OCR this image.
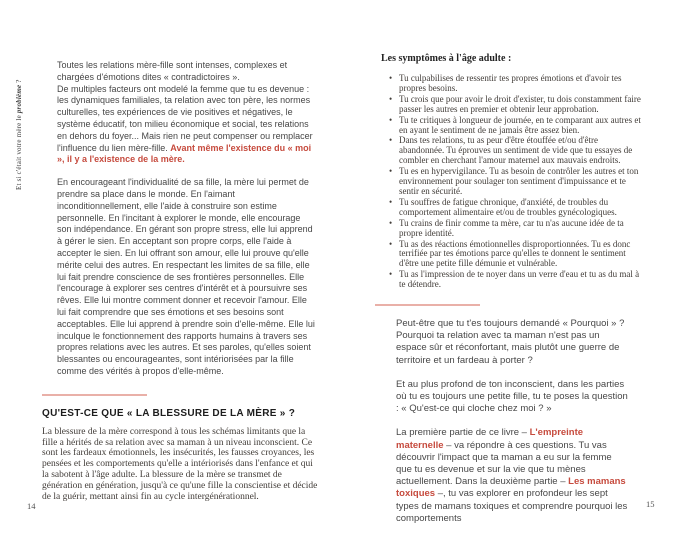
Et si c'était votre mère le problème ?

Toutes les relations mère-fille sont intenses, complexes et chargées d'émotions dites « contradictoires ».
De multiples facteurs ont modelé la femme que tu es devenue : les dynamiques familiales, ta relation avec ton père, les normes culturelles, tes expériences de vie positives et négatives, le système éducatif, ton milieu économique et social, tes relations en dehors du foyer... Mais rien ne peut compenser ou remplacer l'influence du lien mère-fille. Avant même l'existence du « moi », il y a l'existence de la mère.

En encourageant l'individualité de sa fille, la mère lui permet de prendre sa place dans le monde. En l'aimant inconditionnellement, elle l'aide à construire son estime personnelle. En l'incitant à explorer le monde, elle encourage son indépendance. En gérant son propre stress, elle lui apprend à gérer le sien. En acceptant son propre corps, elle l'aide à accepter le sien. En lui offrant son amour, elle lui prouve qu'elle mérite celui des autres. En respectant les limites de sa fille, elle lui fait prendre conscience de ses frontières personnelles. Elle l'encourage à explorer ses centres d'intérêt et à poursuivre ses rêves. Elle lui montre comment donner et recevoir l'amour. Elle lui fait comprendre que ses émotions et ses besoins sont acceptables. Elle lui apprend à prendre soin d'elle-même. Elle lui inculque le fonctionnement des rapports humains à travers ses propres relations avec les autres. Et ses paroles, qu'elles soient blessantes ou encourageantes, sont intériorisées par la fille comme des vérités à propos d'elle-même.

QU'EST-CE QUE « LA BLESSURE DE LA MÈRE » ?

La blessure de la mère correspond à tous les schémas limitants que la fille a hérités de sa relation avec sa maman à un niveau inconscient. Ce sont les fardeaux émotionnels, les insécurités, les fausses croyances, les pensées et les comportements qu'elle a intériorisés dans l'enfance et qui la sabotent à l'âge adulte. La blessure de la mère se transmet de génération en génération, jusqu'à ce qu'une fille la conscientise et décide de la guérir, mettant ainsi fin au cycle intergénérationnel.

Les symptômes à l'âge adulte :
• Tu culpabilises de ressentir tes propres émotions et d'avoir tes propres besoins.
• Tu crois que pour avoir le droit d'exister, tu dois constamment faire passer les autres en premier et obtenir leur approbation.
• Tu te critiques à longueur de journée, en te comparant aux autres et en ayant le sentiment de ne jamais être assez bien.
• Dans tes relations, tu as peur d'être étouffée et/ou d'être abandonnée. Tu éprouves un sentiment de vide que tu essayes de combler en cherchant l'amour maternel aux mauvais endroits.
• Tu es en hypervigilance. Tu as besoin de contrôler les autres et ton environnement pour soulager ton sentiment d'impuissance et te sentir en sécurité.
• Tu souffres de fatigue chronique, d'anxiété, de troubles du comportement alimentaire et/ou de troubles gynécologiques.
• Tu crains de finir comme ta mère, car tu n'as aucune idée de ta propre identité.
• Tu as des réactions émotionnelles disproportionnées. Tu es donc terrifiée par tes émotions parce qu'elles te donnent le sentiment d'être une petite fille démunie et vulnérable.
• Tu as l'impression de te noyer dans un verre d'eau et tu as du mal à te détendre.

Peut-être que tu t'es toujours demandé « Pourquoi » ? Pourquoi ta relation avec ta maman n'est pas un espace sûr et réconfortant, mais plutôt une guerre de territoire et un fardeau à porter ?

Et au plus profond de ton inconscient, dans les parties où tu es toujours une petite fille, tu te poses la question : « Qu'est-ce qui cloche chez moi ? »

La première partie de ce livre – L'empreinte maternelle – va répondre à ces questions. Tu vas découvrir l'impact que ta maman a eu sur la femme que tu es devenue et sur la vie que tu mènes actuellement. Dans la deuxième partie – Les mamans toxiques –, tu vas explorer en profondeur les sept types de mamans toxiques et comprendre pourquoi les comportements

14	15
